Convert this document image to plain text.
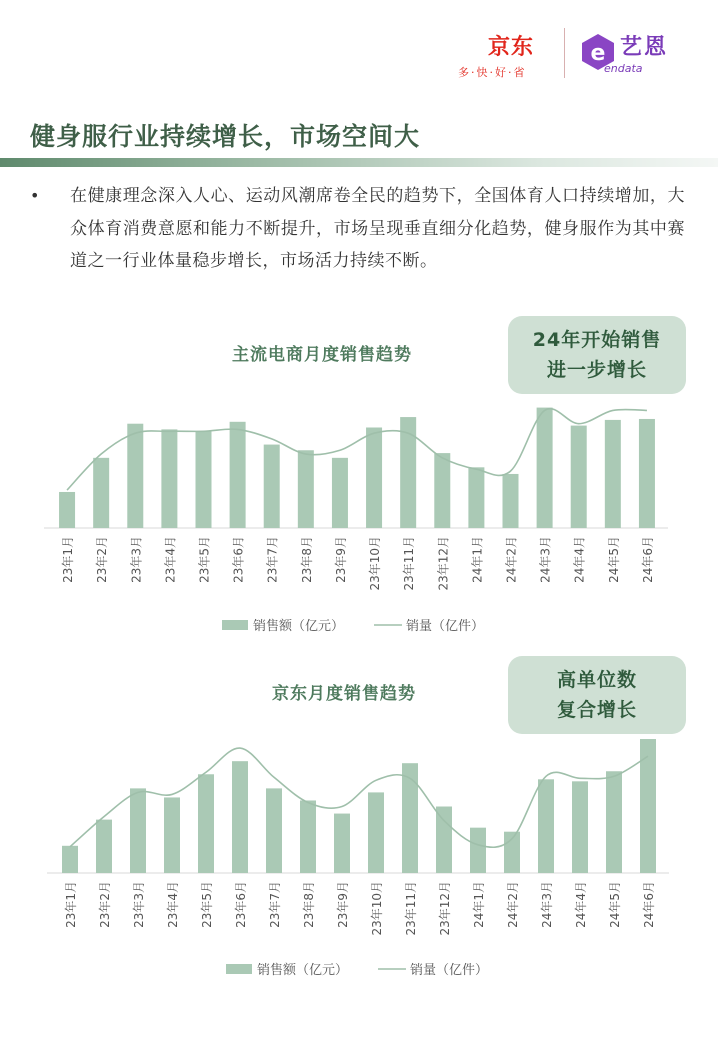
京东
多·快·好·省
e 艺恩
endata
健身服行业持续增长，市场空间大
• 在健康理念深入人心、运动风潮席卷全民的趋势下，全国体育人口持续增加，大众体育消费意愿和能力不断提升，市场呈现垂直细分化趋势，健身服作为其中赛道之一行业体量稳步增长，市场活力持续不断。

主流电商月度销售趋势
24年开始销售
进一步增长
23年1月 23年2月 23年3月 23年4月 23年5月 23年6月 23年7月 23年8月 23年9月 23年10月 23年11月 23年12月 24年1月 24年2月 24年3月 24年4月 24年5月 24年6月
销售额（亿元）	销量（亿件）
京东月度销售趋势
高单位数
复合增长
23年1月 23年2月 23年3月 23年4月 23年5月 23年6月 23年7月 23年8月 23年9月 23年10月 23年11月 23年12月 24年1月 24年2月 24年3月 24年4月 24年5月 24年6月
销售额（亿元）	销量（亿件）
